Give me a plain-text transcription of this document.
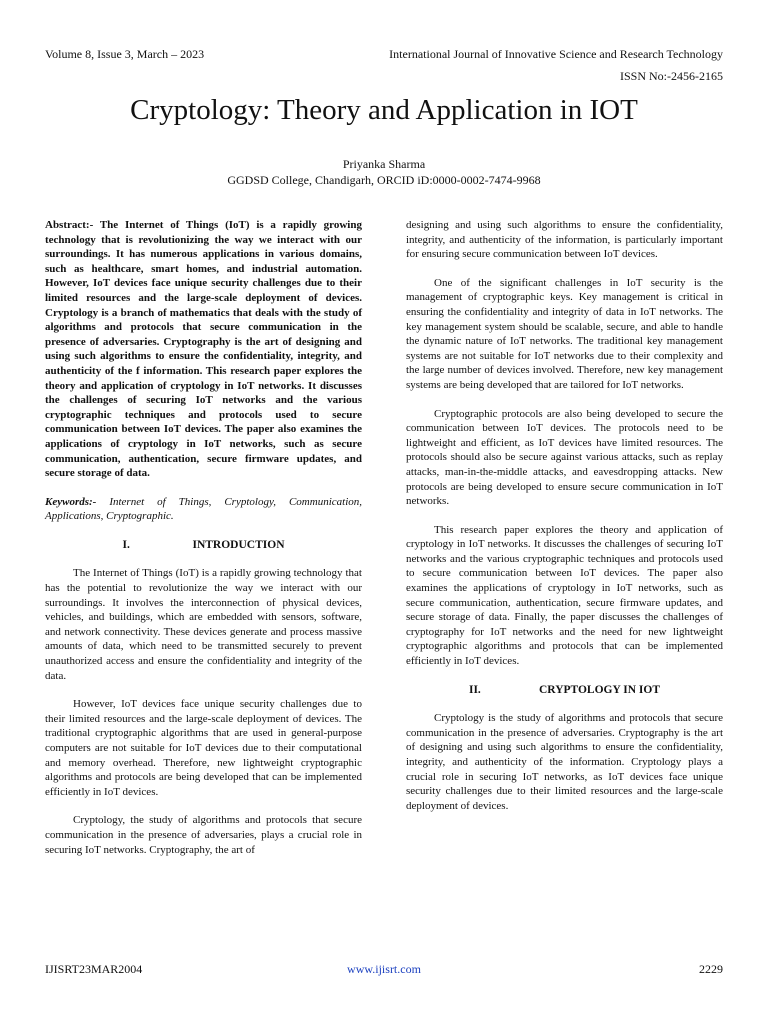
Volume 8, Issue 3, March – 2023	International Journal of Innovative Science and Research Technology
ISSN No:-2456-2165
Cryptology: Theory and Application in IOT
Priyanka Sharma
GGDSD College, Chandigarh, ORCID iD:0000-0002-7474-9968

Abstract:- The Internet of Things (IoT) is a rapidly growing technology that is revolutionizing the way we interact with our surroundings. It has numerous applications in various domains, such as healthcare, smart homes, and industrial automation. However, IoT devices face unique security challenges due to their limited resources and the large-scale deployment of devices. Cryptology is a branch of mathematics that deals with the study of algorithms and protocols that secure communication in the presence of adversaries. Cryptography is the art of designing and using such algorithms to ensure the confidentiality, integrity, and authenticity of the f information. This research paper explores the theory and application of cryptology in IoT networks. It discusses the challenges of securing IoT networks and the various cryptographic techniques and protocols used to secure communication between IoT devices. The paper also examines the applications of cryptology in IoT networks, such as secure communication, authentication, secure firmware updates, and secure storage of data.

Keywords:- Internet of Things, Cryptology, Communication, Applications, Cryptographic.

I.	INTRODUCTION

The Internet of Things (IoT) is a rapidly growing technology that has the potential to revolutionize the way we interact with our surroundings. It involves the interconnection of physical devices, vehicles, and buildings, which are embedded with sensors, software, and network connectivity. These devices generate and process massive amounts of data, which need to be transmitted securely to prevent unauthorized access and ensure the confidentiality and integrity of the data.

However, IoT devices face unique security challenges due to their limited resources and the large-scale deployment of devices. The traditional cryptographic algorithms that are used in general-purpose computers are not suitable for IoT devices due to their computational and memory overhead. Therefore, new lightweight cryptographic algorithms and protocols are being developed that can be implemented efficiently in IoT devices.

Cryptology, the study of algorithms and protocols that secure communication in the presence of adversaries, plays a crucial role in securing IoT networks. Cryptography, the art of

designing and using such algorithms to ensure the confidentiality, integrity, and authenticity of the information, is particularly important for ensuring secure communication between IoT devices.

One of the significant challenges in IoT security is the management of cryptographic keys. Key management is critical in ensuring the confidentiality and integrity of data in IoT networks. The key management system should be scalable, secure, and able to handle the dynamic nature of IoT networks. The traditional key management systems are not suitable for IoT networks due to their complexity and the large number of devices involved. Therefore, new key management systems are being developed that are tailored for IoT networks.

Cryptographic protocols are also being developed to secure the communication between IoT devices. The protocols need to be lightweight and efficient, as IoT devices have limited resources. The protocols should also be secure against various attacks, such as replay attacks, man-in-the-middle attacks, and eavesdropping attacks. New protocols are being developed to ensure secure communication in IoT networks.

This research paper explores the theory and application of cryptology in IoT networks. It discusses the challenges of securing IoT networks and the various cryptographic techniques and protocols used to secure communication between IoT devices. The paper also examines the applications of cryptology in IoT networks, such as secure communication, authentication, secure firmware updates, and secure storage of data. Finally, the paper discusses the challenges of cryptography for IoT networks and the need for new lightweight cryptographic algorithms and protocols that can be implemented efficiently in IoT devices.

II.	CRYPTOLOGY IN IOT

Cryptology is the study of algorithms and protocols that secure communication in the presence of adversaries. Cryptography is the art of designing and using such algorithms to ensure the confidentiality, integrity, and authenticity of the information. Cryptology plays a crucial role in securing IoT networks, as IoT devices face unique security challenges due to their limited resources and the large-scale deployment of devices.

IJISRT23MAR2004	www.ijisrt.com	2229
